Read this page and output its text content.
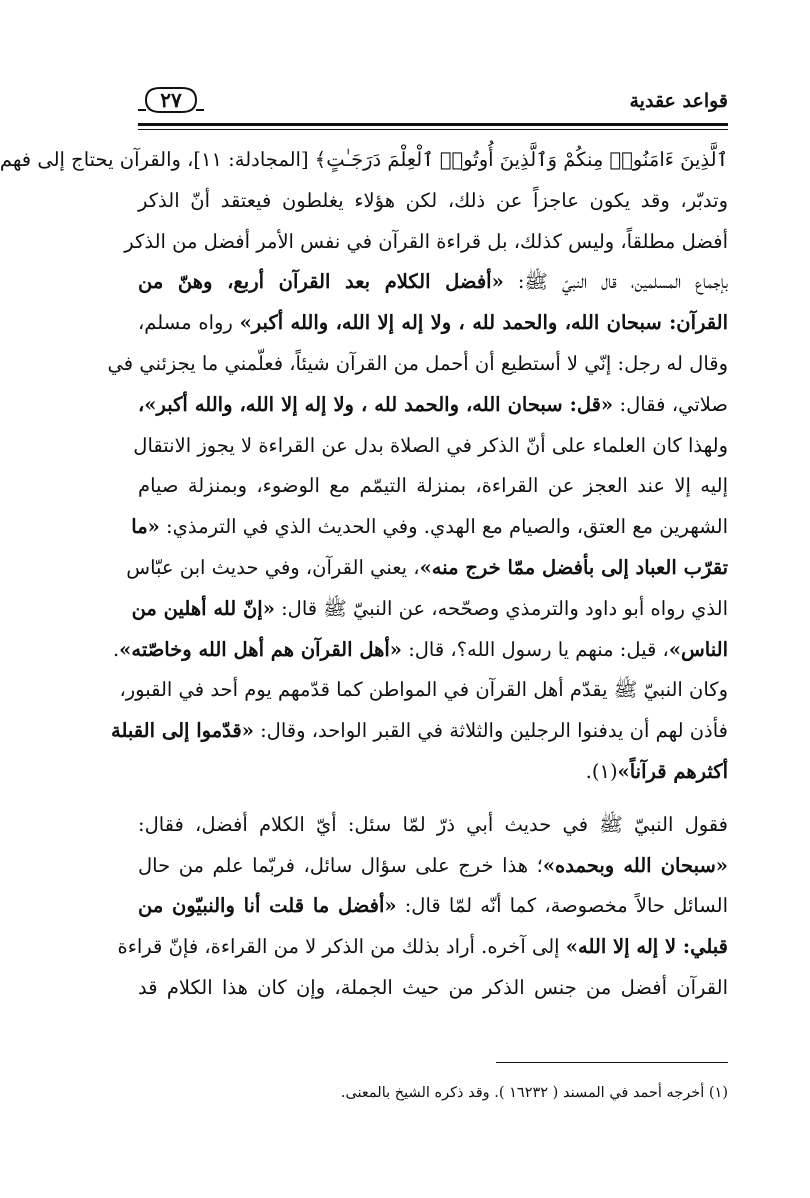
قواعد عقدية
٢٧
ٱلَّذِينَ ءَامَنُوا۟ مِنكُمْ وَٱلَّذِينَ أُوتُوا۟ ٱلْعِلْمَ دَرَجَـٰتٍ﴾ [المجادلة: ١١]، والقرآن يحتاج إلى فهم
وتدبّر، وقد يكون عاجزاً عن ذلك، لكن هؤلاء يغلطون فيعتقد أنّ الذكر
أفضل مطلقاً، وليس كذلك، بل قراءة القرآن في نفس الأمر أفضل من الذكر
بإجماع المسلمين، قال النبيّ ﷺ: «أفضل الكلام بعد القرآن أربع، وهنّ من
القرآن: سبحان الله، والحمد لله ، ولا إله إلا الله، والله أكبر» رواه مسلم،
وقال له رجل: إنّي لا أستطيع أن أحمل من القرآن شيئاً، فعلّمني ما يجزئني في
صلاتي، فقال: «قل: سبحان الله، والحمد لله ، ولا إله إلا الله، والله أكبر»،
ولهذا كان العلماء على أنّ الذكر في الصلاة بدل عن القراءة لا يجوز الانتقال
إليه إلا عند العجز عن القراءة، بمنزلة التيمّم مع الوضوء، وبمنزلة صيام
الشهرين مع العتق، والصيام مع الهدي. وفي الحديث الذي في الترمذي: «ما
تقرّب العباد إلى بأفضل ممّا خرج منه»، يعني القرآن، وفي حديث ابن عبّاس
الذي رواه أبو داود والترمذي وصحّحه، عن النبيّ ﷺ قال: «إنّ لله أهلين من
الناس»، قيل: منهم يا رسول الله؟، قال: «أهل القرآن هم أهل الله وخاصّته».
وكان النبيّ ﷺ يقدّم أهل القرآن في المواطن كما قدّمهم يوم أحد في القبور،
فأذن لهم أن يدفنوا الرجلين والثلاثة في القبر الواحد، وقال: «قدّموا إلى القبلة
أكثرهم قرآناً»(١).
فقول النبيّ ﷺ في حديث أبي ذرّ لمّا سئل: أيّ الكلام أفضل، فقال:
«سبحان الله وبحمده»؛ هذا خرج على سؤال سائل، فربّما علم من حال
السائل حالاً مخصوصة، كما أنّه لمّا قال: «أفضل ما قلت أنا والنبيّون من
قبلي: لا إله إلا الله» إلى آخره. أراد بذلك من الذكر لا من القراءة، فإنّ قراءة
القرآن أفضل من جنس الذكر من حيث الجملة، وإن كان هذا الكلام قد
(١) أخرجه أحمد في المسند ( ١٦٢٣٢ ). وقد ذكره الشيخ بالمعنى.
